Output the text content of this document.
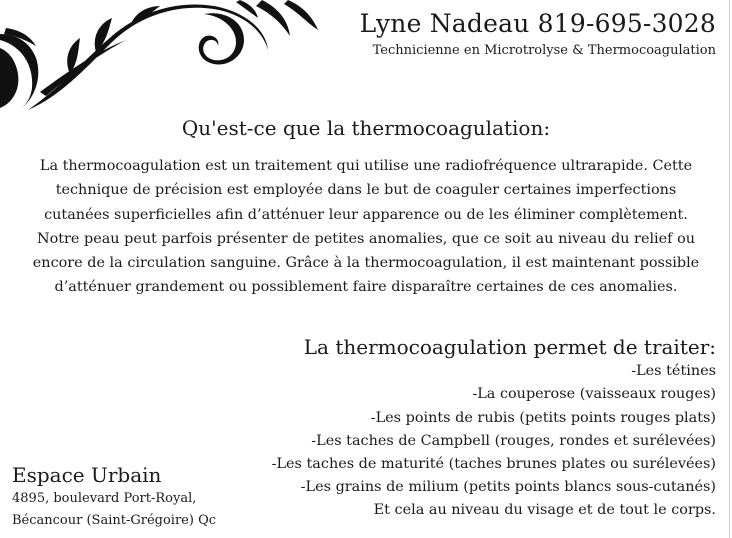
Lyne Nadeau 819-695-3028
Technicienne en Microtrolyse & Thermocoagulation
Qu'est-ce que la thermocoagulation:
La thermocoagulation est un traitement qui utilise une radiofréquence ultrarapide. Cette
technique de précision est employée dans le but de coaguler certaines imperfections
cutanées superficielles afin d’atténuer leur apparence ou de les éliminer complètement.
Notre peau peut parfois présenter de petites anomalies, que ce soit au niveau du relief ou
encore de la circulation sanguine. Grâce à la thermocoagulation, il est maintenant possible
d’atténuer grandement ou possiblement faire disparaître certaines de ces anomalies.
La thermocoagulation permet de traiter:
-Les tétines
-La couperose (vaisseaux rouges)
-Les points de rubis (petits points rouges plats)
-Les taches de Campbell (rouges, rondes et surélevées)
-Les taches de maturité (taches brunes plates ou surélevées)
-Les grains de milium (petits points blancs sous-cutanés)
Et cela au niveau du visage et de tout le corps.
Espace Urbain
4895, boulevard Port-Royal,
Bécancour (Saint-Grégoire) Qc
